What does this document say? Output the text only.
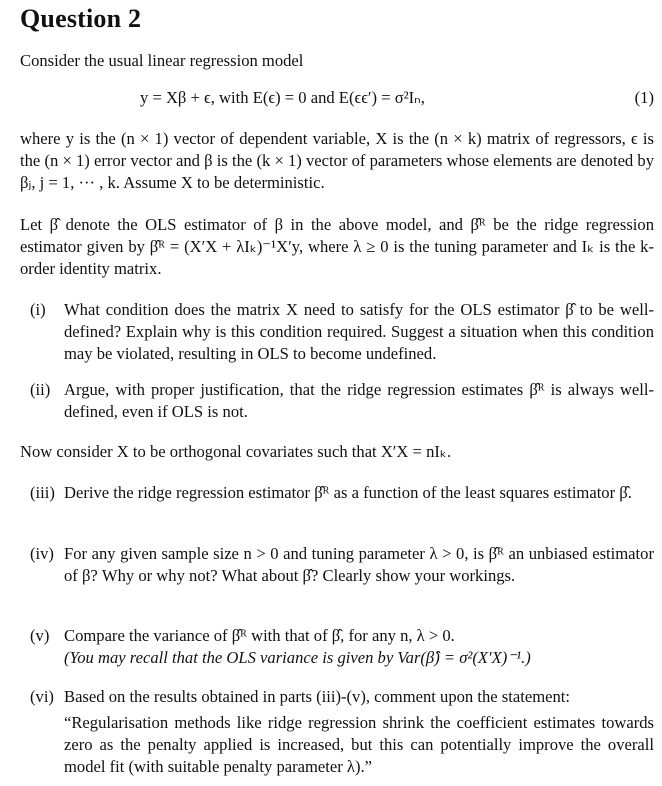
Question 2
Consider the usual linear regression model
y = Xβ + ϵ, with E(ϵ) = 0 and E(ϵϵ′) = σ²Iₙ,	(1)
where y is the (n × 1) vector of dependent variable, X is the (n × k) matrix of regressors, ϵ is the (n × 1) error vector and β is the (k × 1) vector of parameters whose elements are denoted by βⱼ, j = 1, ··· , k. Assume X to be deterministic.
Let β̂ denote the OLS estimator of β in the above model, and β̂ᴿ be the ridge regression estimator given by β̂ᴿ = (X′X + λIₖ)⁻¹X′y, where λ ≥ 0 is the tuning parameter and Iₖ is the k-order identity matrix.
(i)	What condition does the matrix X need to satisfy for the OLS estimator β̂ to be well-defined? Explain why is this condition required. Suggest a situation when this condition may be violated, resulting in OLS to become undefined.
(ii) Argue, with proper justification, that the ridge regression estimates β̂ᴿ is always well-defined, even if OLS is not.
Now consider X to be orthogonal covariates such that X′X = nIₖ.
(iii) Derive the ridge regression estimator β̂ᴿ as a function of the least squares estimator β̂.
(iv) For any given sample size n > 0 and tuning parameter λ > 0, is β̂ᴿ an unbiased estimator of β? Why or why not? What about β̂? Clearly show your workings.
(v) Compare the variance of β̂ᴿ with that of β̂, for any n, λ > 0.
(You may recall that the OLS variance is given by Var(β̂) = σ²(X′X)⁻¹.)
(vi) Based on the results obtained in parts (iii)-(v), comment upon the statement:
“Regularisation methods like ridge regression shrink the coefficient estimates towards zero as the penalty applied is increased, but this can potentially improve the overall model fit (with suitable penalty parameter λ).”
